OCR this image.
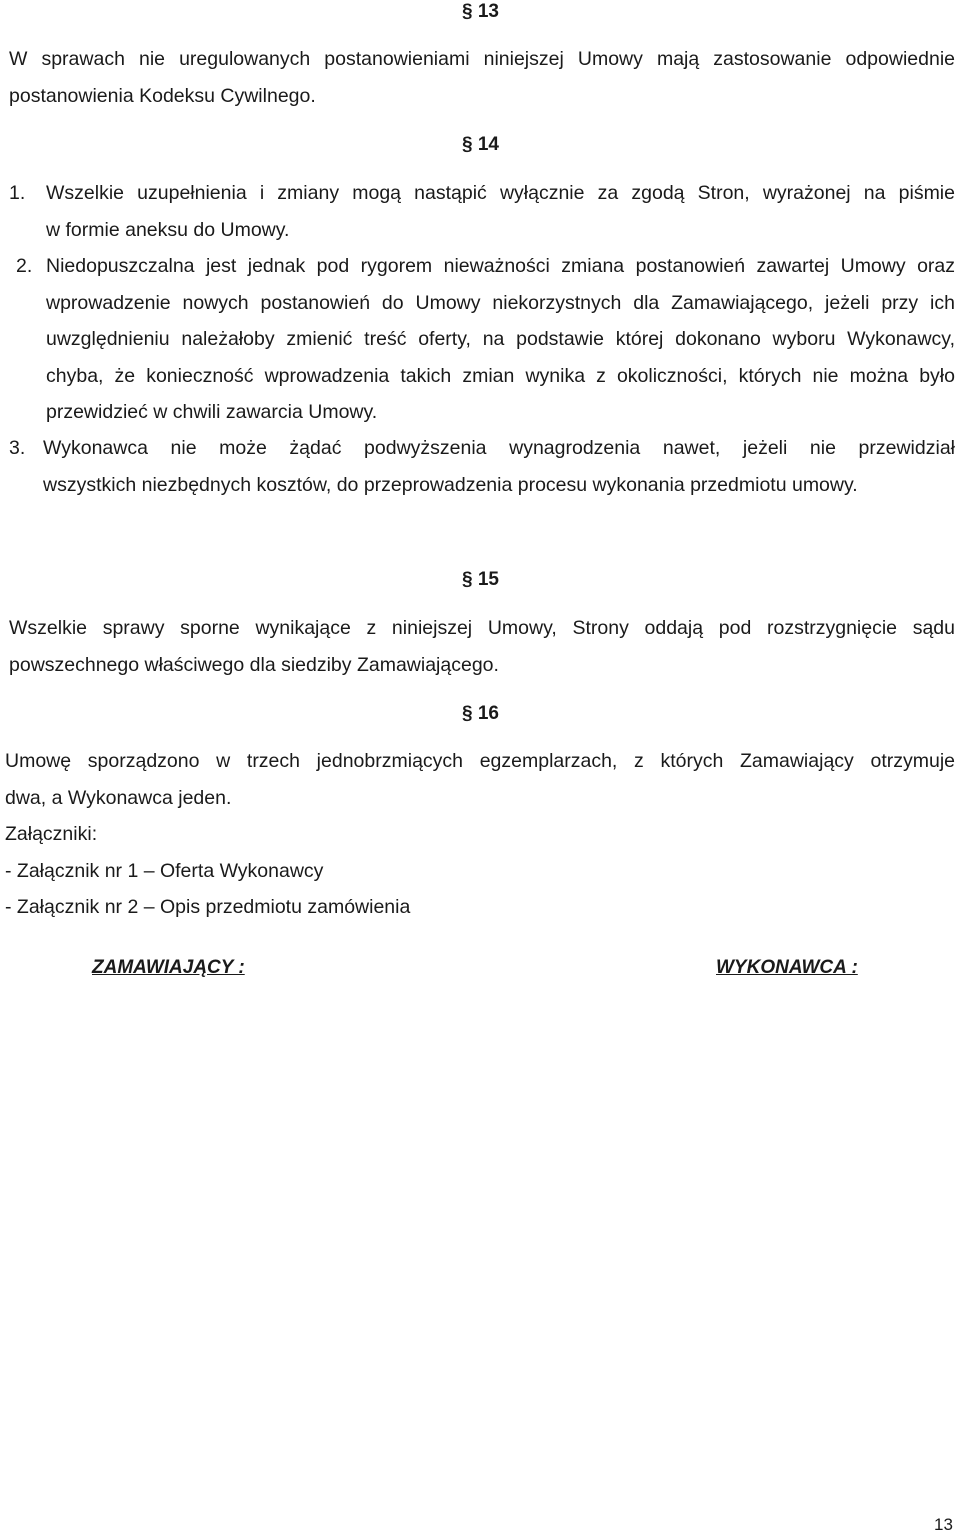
§ 13
W sprawach nie uregulowanych postanowieniami niniejszej Umowy mają zastosowanie odpowiednie
postanowienia Kodeksu Cywilnego.
§ 14
1. Wszelkie uzupełnienia i zmiany mogą nastąpić wyłącznie za zgodą Stron, wyrażonej na piśmie
w formie aneksu do Umowy.
2. Niedopuszczalna jest jednak pod rygorem nieważności zmiana postanowień zawartej Umowy oraz
wprowadzenie nowych postanowień do Umowy niekorzystnych dla Zamawiającego, jeżeli przy ich
uwzględnieniu należałoby zmienić treść oferty, na podstawie której dokonano wyboru Wykonawcy,
chyba, że konieczność wprowadzenia takich zmian wynika z okoliczności, których nie można było
przewidzieć w chwili zawarcia Umowy.
3. Wykonawca nie może żądać podwyższenia wynagrodzenia nawet, jeżeli nie przewidział
wszystkich niezbędnych kosztów, do przeprowadzenia procesu wykonania przedmiotu umowy.
§ 15
Wszelkie sprawy sporne wynikające z niniejszej Umowy, Strony oddają pod rozstrzygnięcie sądu
powszechnego właściwego dla siedziby Zamawiającego.
§ 16
Umowę sporządzono w trzech jednobrzmiących egzemplarzach, z których Zamawiający otrzymuje
dwa, a Wykonawca jeden.
Załączniki:
- Załącznik nr 1 – Oferta Wykonawcy
- Załącznik nr 2 – Opis przedmiotu zamówienia
ZAMAWIAJĄCY :	WYKONAWCA :
13
